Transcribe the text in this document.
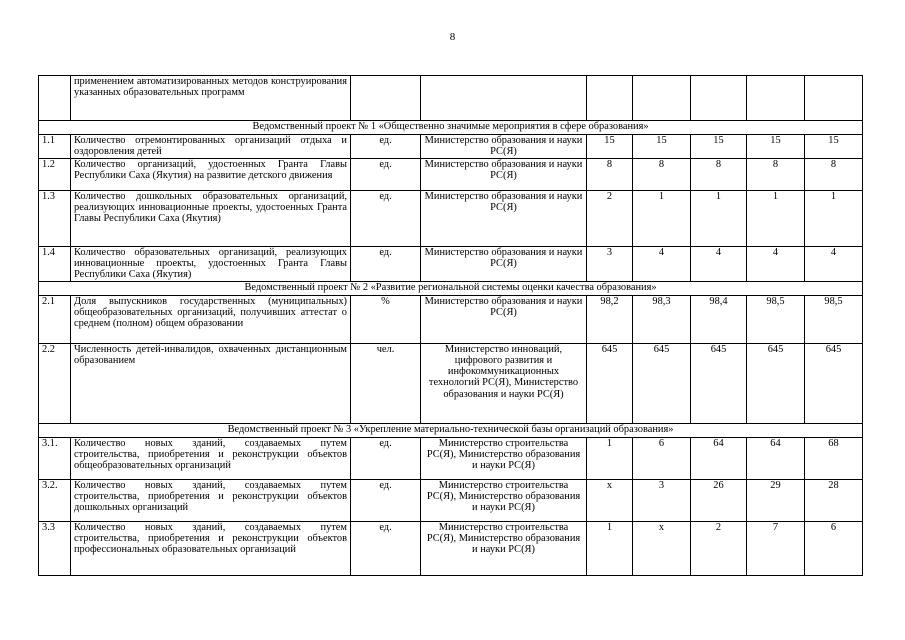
8
	применением автоматизированных методов конструирования указанных образовательных программ							
Ведомственный проект № 1 «Общественно значимые мероприятия в сфере образования»								
1.1	Количество отремонтированных организаций отдыха и оздоровления детей	ед.	Министерство образования и науки РС(Я)	15	15	15	15	15
1.2	Количество организаций, удостоенных Гранта Главы Республики Саха (Якутия) на развитие детского движения	ед.	Министерство образования и науки РС(Я)	8	8	8	8	8
1.3	Количество дошкольных образовательных организаций, реализующих инновационные проекты, удостоенных Гранта Главы Республики Саха (Якутия)	ед.	Министерство образования и науки РС(Я)	2	1	1	1	1
1.4	Количество образовательных организаций, реализующих инновационные проекты, удостоенных Гранта Главы Республики Саха (Якутия)	ед.	Министерство образования и науки РС(Я)	3	4	4	4	4
Ведомственный проект № 2 «Развитие региональной системы оценки качества образования»								
2.1	Доля выпускников государственных (муниципальных) общеобразовательных организаций, получивших аттестат о среднем (полном) общем образовании	%	Министерство образования и науки РС(Я)	98,2	98,3	98,4	98,5	98,5
2.2	Численность детей-инвалидов, охваченных дистанционным образованием	чел.	Министерство инноваций, цифрового развития и инфокоммуникационных технологий РС(Я), Министерство образования и науки РС(Я)	645	645	645	645	645
Ведомственный проект № 3 «Укрепление материально-технической базы организаций образования»								
3.1.	Количество новых зданий, создаваемых путем строительства, приобретения и реконструкции объектов общеобразовательных организаций	ед.	Министерство строительства РС(Я), Министерство образования и науки РС(Я)	1	6	64	64	68
3.2.	Количество новых зданий, создаваемых путем строительства, приобретения и реконструкции объектов дошкольных организаций	ед.	Министерство строительства РС(Я), Министерство образования и науки РС(Я)	х	3	26	29	28
3.3	Количество новых зданий, создаваемых путем строительства, приобретения и реконструкции объектов профессиональных образовательных организаций	ед.	Министерство строительства РС(Я), Министерство образования и науки РС(Я)	1	х	2	7	6
